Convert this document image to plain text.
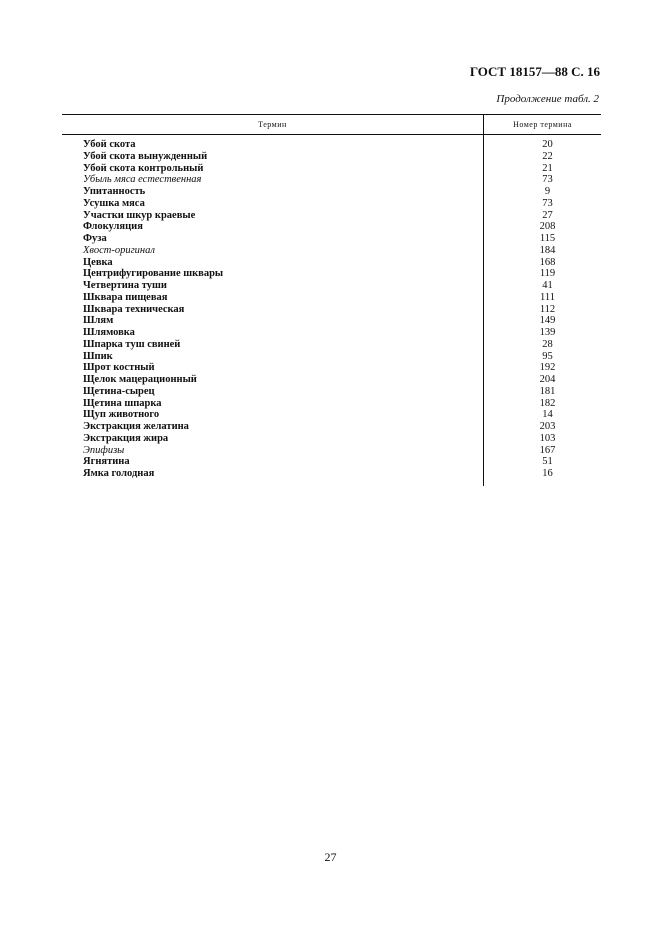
ГОСТ 18157—88 С. 16
Продолжение табл. 2
Термин	Номер термина
Убой скота	20
Убой скота вынужденный	22
Убой скота контрольный	21
Убыль мяса естественная	73
Упитанность	9
Усушка мяса	73
Участки шкур краевые	27
Флокуляция	208
Фуза	115
Хвост-оригинал	184
Цевка	168
Центрифугирование шквары	119
Четвертина туши	41
Шквара пищевая	111
Шквара техническая	112
Шлям	149
Шлямовка	139
Шпарка туш свиней	28
Шпик	95
Шрот костный	192
Щелок мацерационный	204
Щетина-сырец	181
Щетина шпарка	182
Щуп животного	14
Экстракция желатина	203
Экстракция жира	103
Эпифизы	167
Ягнятина	51
Ямка голодная	16
27
